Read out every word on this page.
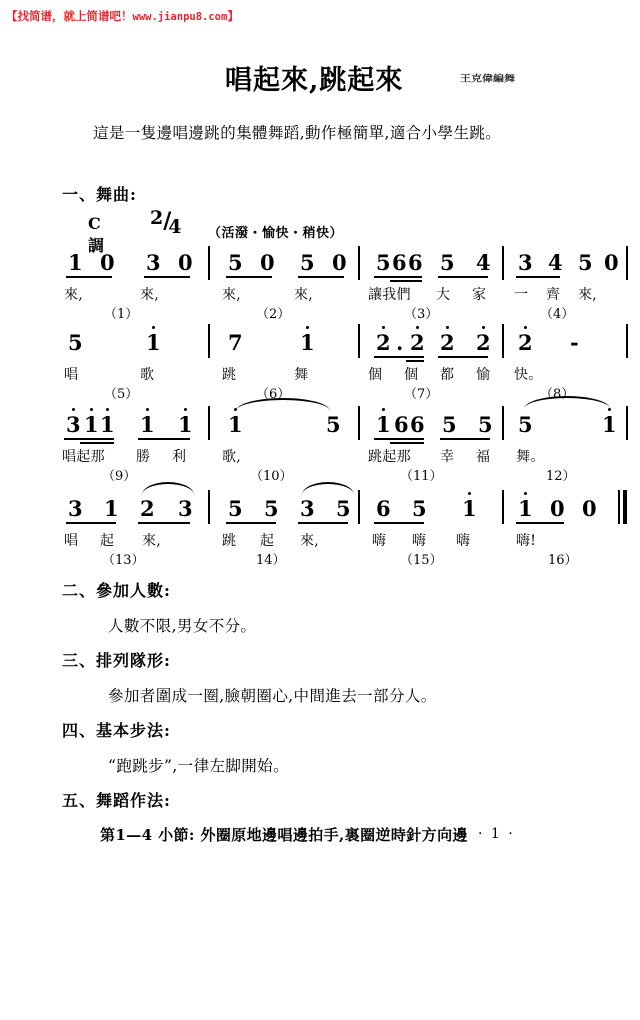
【找简谱，就上简谱吧！www.jianpu8.com】
唱起來,跳起來	王克偉編舞
這是一隻邊唱邊跳的集體舞蹈,動作極簡單,適合小學生跳。
一、舞曲:
C 調
2/4 （活潑・愉快・稍快）
1 0 3 0 5 0 5 0 5 6 6 5 4 3 4 5 0
來,	來,	來,	來,	讓我們 大 家 一 齊 來,
（1）	（2）	（3）	（4）
5	1	7	1	2 . 2 2 2 2 -
唱	歌	跳	舞	個 個 都 愉 快。
（5）	（6）	（7）	（8）
3 1 1 1 1 1	5 1 6 6 5 5 5	1
唱起那 勝 利	歌,	跳起那 幸 福 舞。
（9）	（10）	（11）	12）
3 1 2 3 5 5 3 5 6 5 1 1 0 0
唱 起 來,	跳 起 來,	嗨 嗨 嗨	嗨!
（13）	14）	（15）	16）
二、參加人數:
人數不限,男女不分。
三、排列隊形:
參加者圍成一圈,臉朝圈心,中間進去一部分人。
四、基本步法:
“跑跳步”,一律左脚開始。
五、舞蹈作法:
第1—4 小節: 外圈原地邊唱邊拍手,裏圈逆時針方向邊 · 1 ·
